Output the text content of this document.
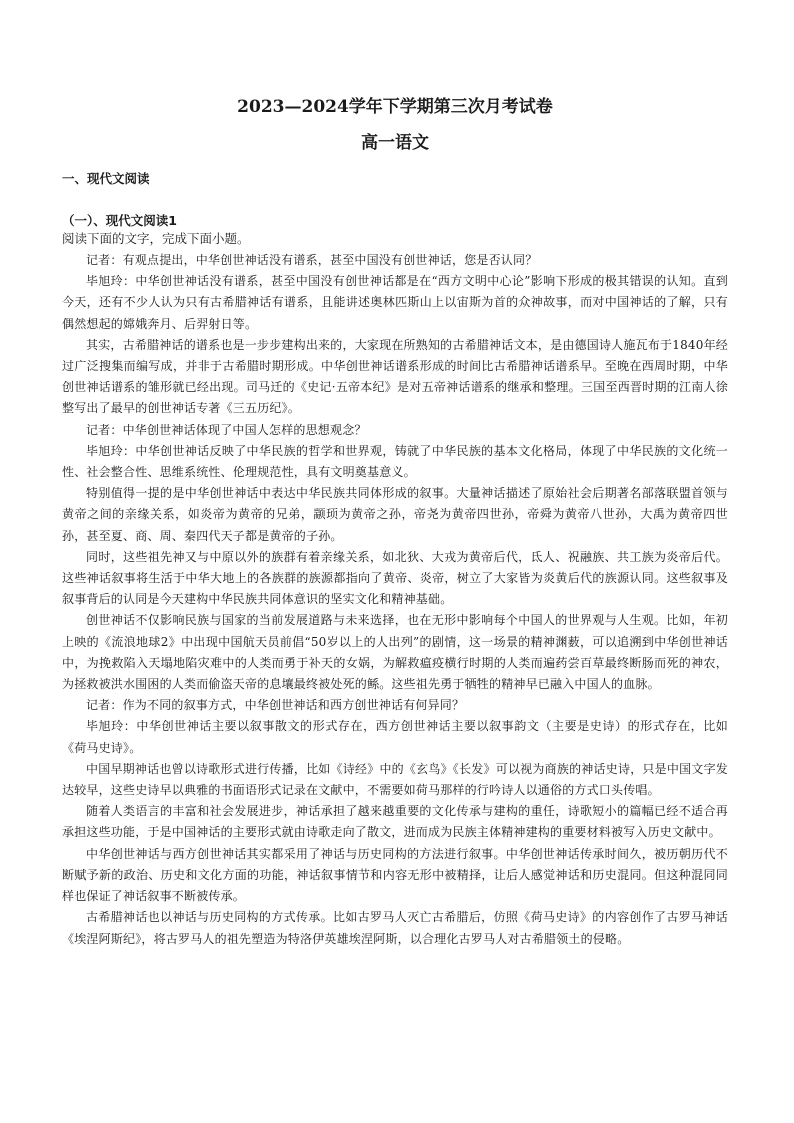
2023—2024学年下学期第三次月考试卷
高一语文
一、现代文阅读
（一）、现代文阅读1
阅读下面的文字，完成下面小题。

记者：有观点提出，中华创世神话没有谱系，甚至中国没有创世神话，您是否认同？

毕旭玲：中华创世神话没有谱系，甚至中国没有创世神话都是在“西方文明中心论”影响下形成的极其错误的认知。直到今天，还有不少人认为只有古希腊神话有谱系，且能讲述奥林匹斯山上以宙斯为首的众神故事，而对中国神话的了解，只有偶然想起的嫦娥奔月、后羿射日等。

其实，古希腊神话的谱系也是一步步建构出来的，大家现在所熟知的古希腊神话文本，是由德国诗人施瓦布于1840年经过广泛搜集而编写成，并非于古希腊时期形成。中华创世神话谱系形成的时间比古希腊神话谱系早。至晚在西周时期，中华创世神话谱系的雏形就已经出现。司马迁的《史记·五帝本纪》是对五帝神话谱系的继承和整理。三国至西晋时期的江南人徐整写出了最早的创世神话专著《三五历纪》。

记者：中华创世神话体现了中国人怎样的思想观念？

毕旭玲：中华创世神话反映了中华民族的哲学和世界观，铸就了中华民族的基本文化格局，体现了中华民族的文化统一性、社会整合性、思维系统性、伦理规范性，具有文明奠基意义。

特别值得一提的是中华创世神话中表达中华民族共同体形成的叙事。大量神话描述了原始社会后期著名部落联盟首领与黄帝之间的亲缘关系，如炎帝为黄帝的兄弟，颛顼为黄帝之孙，帝尧为黄帝四世孙，帝舜为黄帝八世孙，大禹为黄帝四世孙，甚至夏、商、周、秦四代天子都是黄帝的子孙。

同时，这些祖先神又与中原以外的族群有着亲缘关系，如北狄、大戎为黄帝后代，氐人、祝融族、共工族为炎帝后代。这些神话叙事将生活于中华大地上的各族群的族源都指向了黄帝、炎帝，树立了大家皆为炎黄后代的族源认同。这些叙事及叙事背后的认同是今天建构中华民族共同体意识的坚实文化和精神基础。

创世神话不仅影响民族与国家的当前发展道路与未来选择，也在无形中影响每个中国人的世界观与人生观。比如，年初上映的《流浪地球2》中出现中国航天员前倡“50岁以上的人出列”的剧情，这一场景的精神渊薮，可以追溯到中华创世神话中，为挽救陷入天塌地陷灾难中的人类而勇于补天的女娲，为解救瘟疫横行时期的人类而遍药尝百草最终断肠而死的神农，为拯救被洪水围困的人类而偷盗天帝的息壤最终被处死的鲧。这些祖先勇于牺牲的精神早已融入中国人的血脉。

记者：作为不同的叙事方式，中华创世神话和西方创世神话有何异同？

毕旭玲：中华创世神话主要以叙事散文的形式存在，西方创世神话主要以叙事韵文（主要是史诗）的形式存在，比如《荷马史诗》。

中国早期神话也曾以诗歌形式进行传播，比如《诗经》中的《玄鸟》《长发》可以视为商族的神话史诗，只是中国文字发达较早，这些史诗早以典雅的书面语形式记录在文献中，不需要如荷马那样的行吟诗人以通俗的方式口头传唱。

随着人类语言的丰富和社会发展进步，神话承担了越来越重要的文化传承与建构的重任，诗歌短小的篇幅已经不适合再承担这些功能，于是中国神话的主要形式就由诗歌走向了散文，进而成为民族主体精神建构的重要材料被写入历史文献中。

中华创世神话与西方创世神话其实都采用了神话与历史同构的方法进行叙事。中华创世神话传承时间久，被历朝历代不断赋予新的政治、历史和文化方面的功能，神话叙事情节和内容无形中被精择，让后人感觉神话和历史混同。但这种混同同样也保证了神话叙事不断被传承。

古希腊神话也以神话与历史同构的方式传承。比如古罗马人灭亡古希腊后，仿照《荷马史诗》的内容创作了古罗马神话《埃涅阿斯纪》，将古罗马人的祖先塑造为特洛伊英雄埃涅阿斯，以合理化古罗马人对古希腊领土的侵略。
